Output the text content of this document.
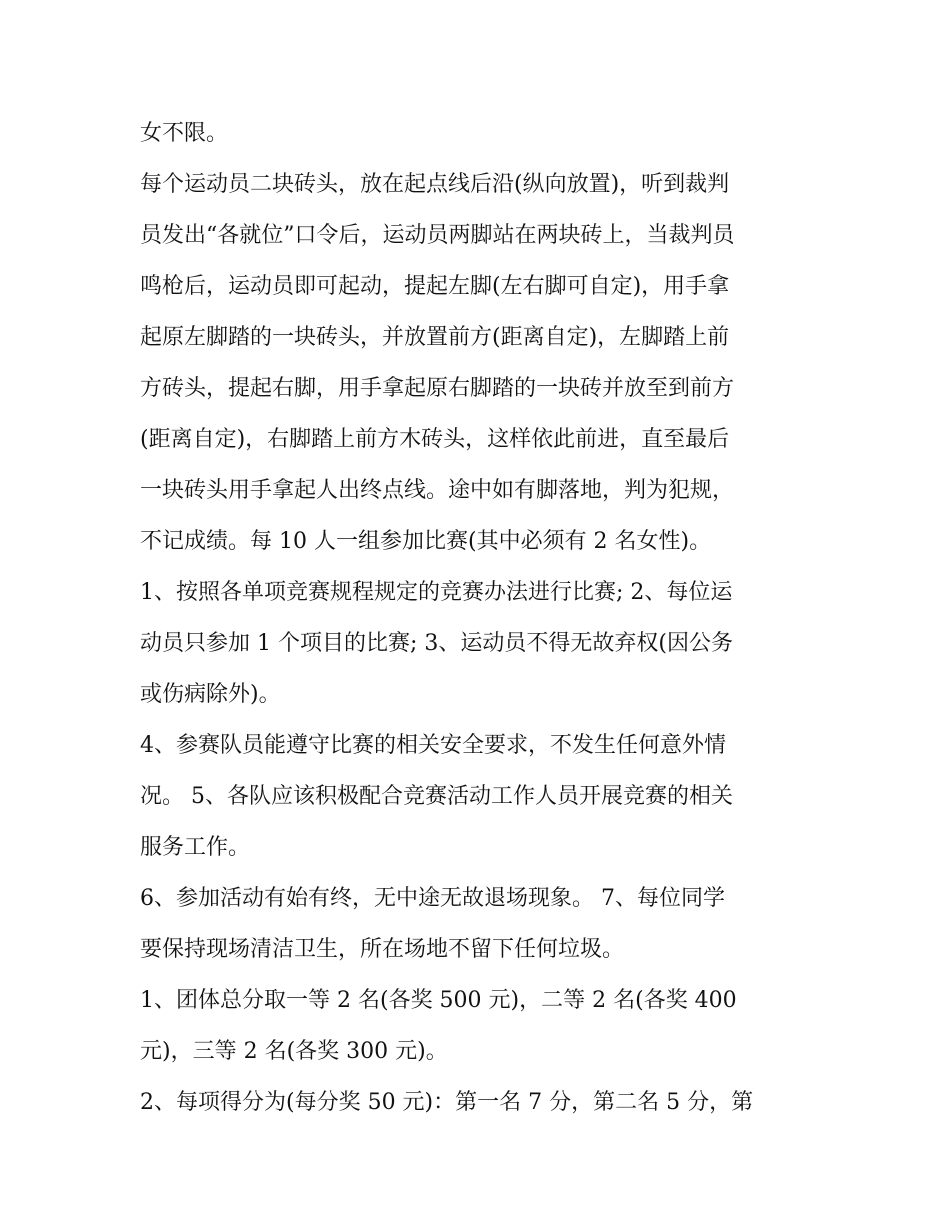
女不限。
每个运动员二块砖头，放在起点线后沿(纵向放置)，听到裁判
员发出“各就位”口令后，运动员两脚站在两块砖上，当裁判员
鸣枪后，运动员即可起动，提起左脚(左右脚可自定)，用手拿
起原左脚踏的一块砖头，并放置前方(距离自定)，左脚踏上前
方砖头，提起右脚，用手拿起原右脚踏的一块砖并放至到前方
(距离自定)，右脚踏上前方木砖头，这样依此前进，直至最后
一块砖头用手拿起人出终点线。途中如有脚落地，判为犯规，
不记成绩。每 10 人一组参加比赛(其中必须有 2 名女性)。
1、按照各单项竞赛规程规定的竞赛办法进行比赛; 2、每位运
动员只参加 1 个项目的比赛; 3、运动员不得无故弃权(因公务
或伤病除外)。
4、参赛队员能遵守比赛的相关安全要求，不发生任何意外情
况。 5、各队应该积极配合竞赛活动工作人员开展竞赛的相关
服务工作。
6、参加活动有始有终，无中途无故退场现象。 7、每位同学
要保持现场清洁卫生，所在场地不留下任何垃圾。
1、团体总分取一等 2 名(各奖 500 元)，二等 2 名(各奖 400
元)，三等 2 名(各奖 300 元)。
2、每项得分为(每分奖 50 元)：第一名 7 分，第二名 5 分，第
